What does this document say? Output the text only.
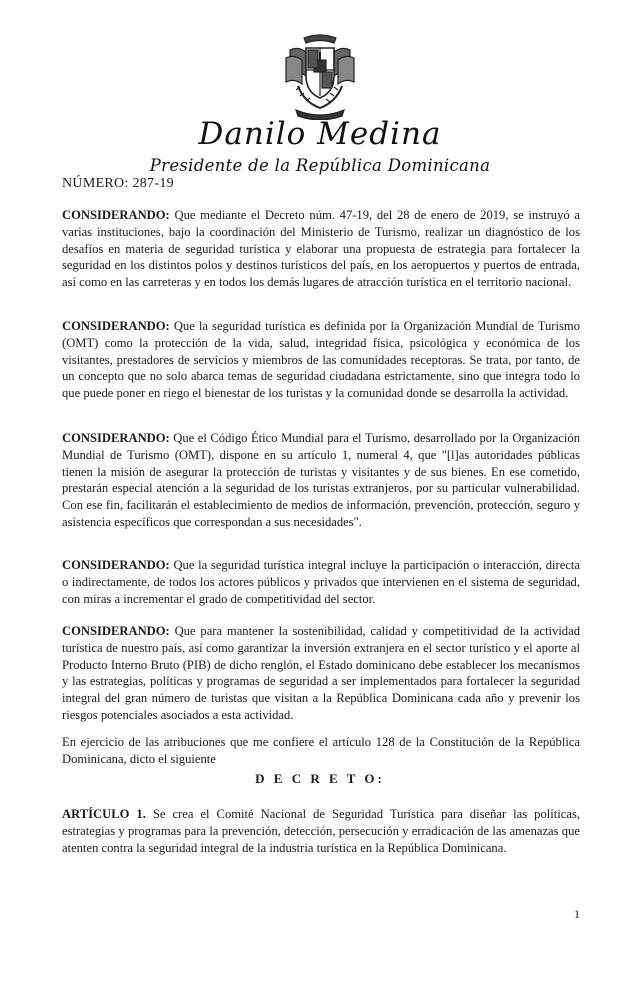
Danilo Medina
Presidente de la República Dominicana
NÚMERO: 287-19
CONSIDERANDO: Que mediante el Decreto núm. 47-19, del 28 de enero de 2019, se instruyó a varias instituciones, bajo la coordinación del Ministerio de Turismo, realizar un diagnóstico de los desafíos en materia de seguridad turística y elaborar una propuesta de estrategia para fortalecer la seguridad en los distintos polos y destinos turísticos del país, en los aeropuertos y puertos de entrada, así como en las carreteras y en todos los demás lugares de atracción turística en el territorio nacional.
CONSIDERANDO: Que la seguridad turística es definida por la Organización Mundial de Turismo (OMT) como la protección de la vida, salud, integridad física, psicológica y económica de los visitantes, prestadores de servicios y miembros de las comunidades receptoras. Se trata, por tanto, de un concepto que no solo abarca temas de seguridad ciudadana estrictamente, sino que integra todo lo que puede poner en riego el bienestar de los turistas y la comunidad donde se desarrolla la actividad.
CONSIDERANDO: Que el Código Ético Mundial para el Turismo, desarrollado por la Organización Mundial de Turismo (OMT), dispone en su artículo 1, numeral 4, que "[l]as autoridades públicas tienen la misión de asegurar la protección de turistas y visitantes y de sus bienes. En ese cometido, prestarán especial atención a la seguridad de los turistas extranjeros, por su particular vulnerabilidad. Con ese fin, facilitarán el establecimiento de medios de información, prevención, protección, seguro y asistencia específicos que correspondan a sus necesidades".
CONSIDERANDO: Que la seguridad turística integral incluye la participación o interacción, directa o indirectamente, de todos los actores públicos y privados que intervienen en el sistema de seguridad, con miras a incrementar el grado de competitividad del sector.
CONSIDERANDO: Que para mantener la sostenibilidad, calidad y competitividad de la actividad turística de nuestro país, así como garantizar la inversión extranjera en el sector turístico y el aporte al Producto Interno Bruto (PIB) de dicho renglón, el Estado dominicano debe establecer los mecanismos y las estrategias, políticas y programas de seguridad a ser implementados para fortalecer la seguridad integral del gran número de turistas que visitan a la República Dominicana cada año y prevenir los riesgos potenciales asociados a esta actividad.
En ejercicio de las atribuciones que me confiere el artículo 128 de la Constitución de la República Dominicana, dicto el siguiente
D E C R E T O:
ARTÍCULO 1. Se crea el Comité Nacional de Seguridad Turística para diseñar las políticas, estrategias y programas para la prevención, detección, persecución y erradicación de las amenazas que atenten contra la seguridad integral de la industria turística en la República Dominicana.
1
